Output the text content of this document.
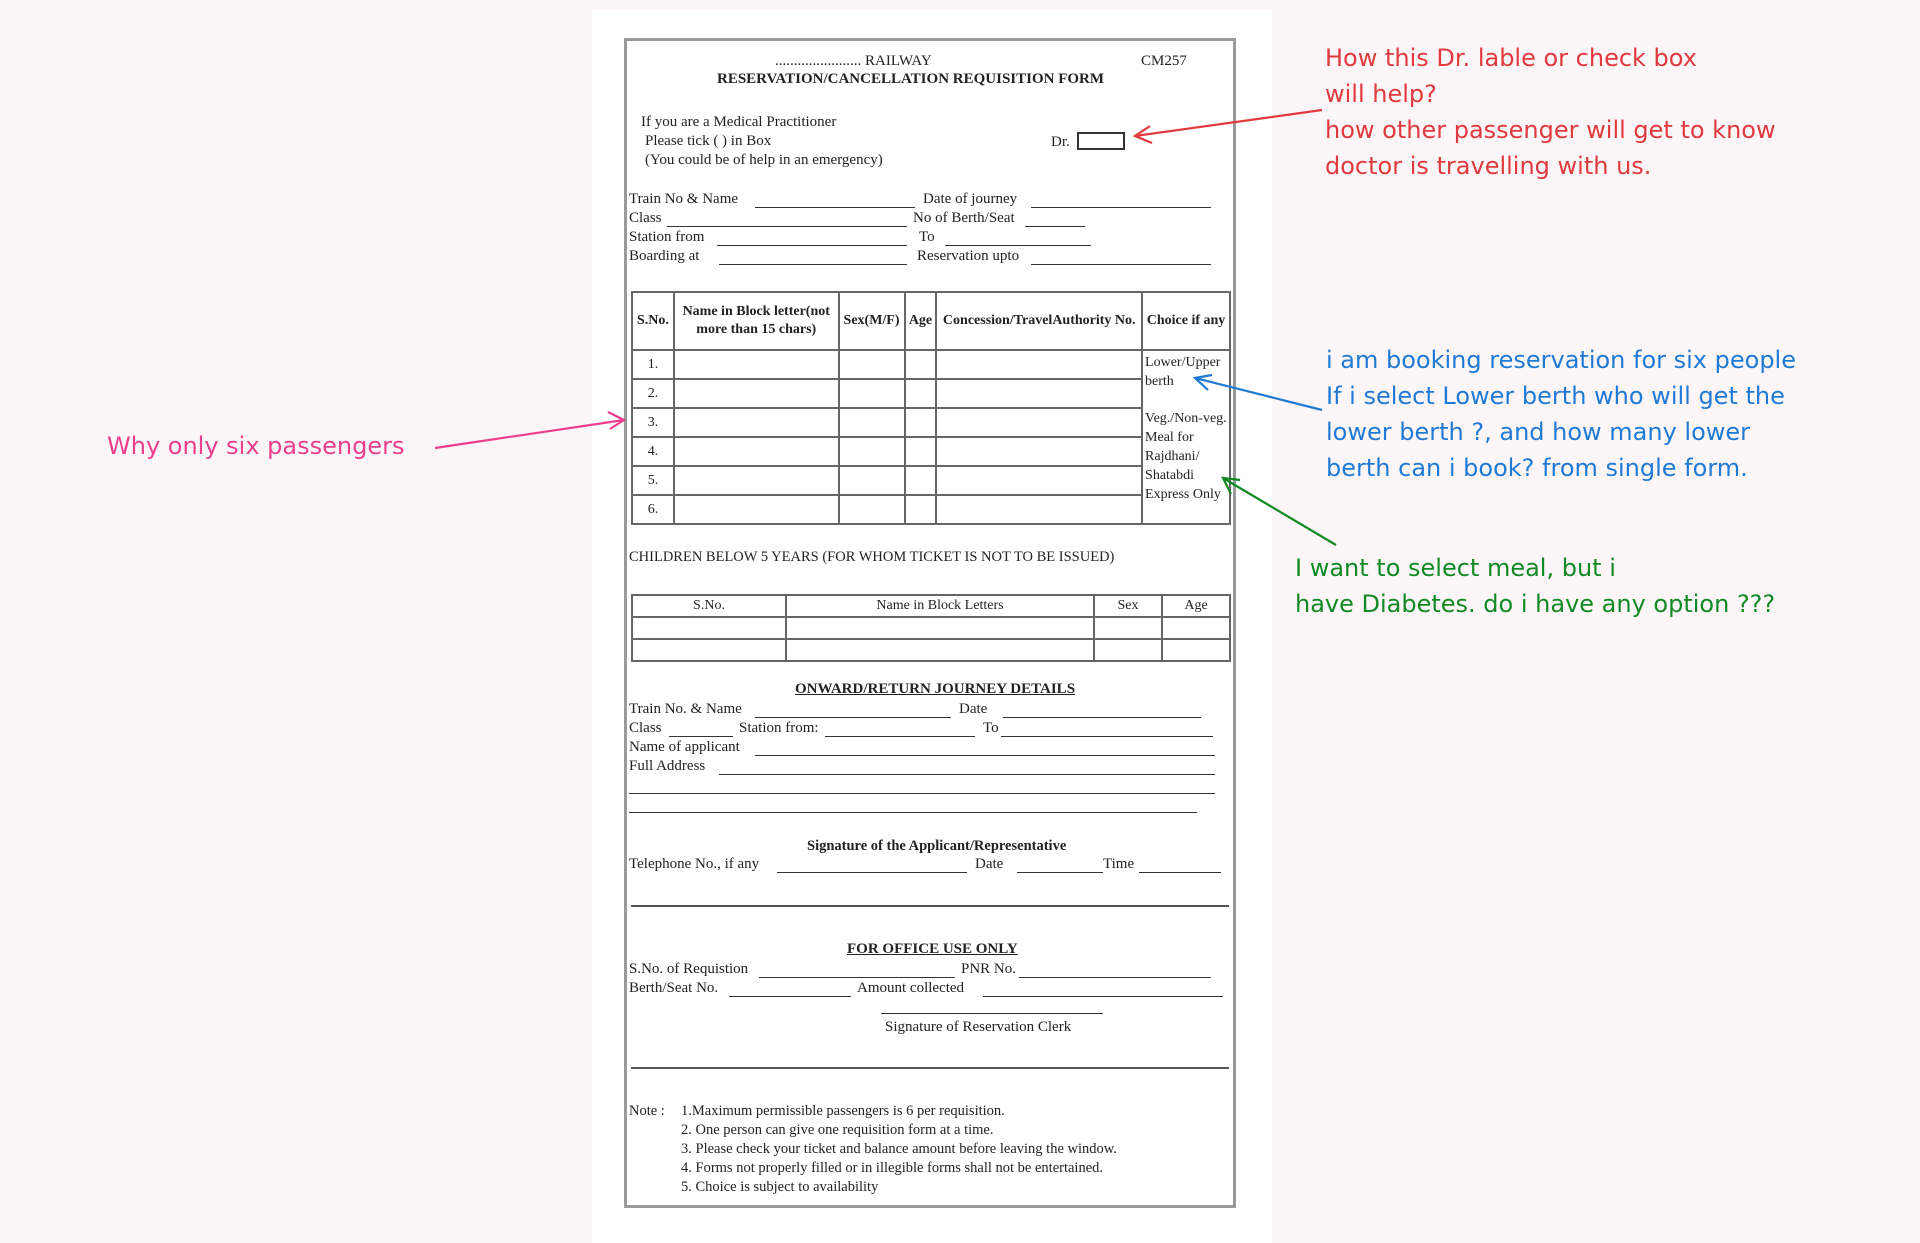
....................... RAILWAY	CM257
RESERVATION/CANCELLATION REQUISITION FORM
If you are a Medical Practitioner
Please tick ( ) in Box
(You could be of help in an emergency)
Dr.
Train No & Name	Date of journey
Class	No of Berth/Seat
Station from	To
Boarding at	Reservation upto
S.No.	Name in Block letter(not more than 15 chars)	Sex(M/F)	Age	Concession/TravelAuthority No.	Choice if any
1.					Lower/Upper berth
Veg./Non-veg. Meal for Rajdhani/ Shatabdi Express Only

2.					
3.					
4.					
5.					
6.					
CHILDREN BELOW 5 YEARS (FOR WHOM TICKET IS NOT TO BE ISSUED)
S.No.	Name in Block Letters	Sex	Age

ONWARD/RETURN JOURNEY DETAILS
Train No. & Name	Date
Class	Station from:	To
Name of applicant
Full Address
Signature of the Applicant/Representative
Telephone No., if any	Date	Time
FOR OFFICE USE ONLY
S.No. of Requistion	PNR No.
Berth/Seat No.	Amount collected
Signature of Reservation Clerk
Note : 1.Maximum permissible passengers is 6 per requisition.
2. One person can give one requisition form at a time.
3. Please check your ticket and balance amount before leaving the window.
4. Forms not properly filled or in illegible forms shall not be entertained.
5. Choice is subject to availability
How this Dr. lable or check box
will help?
how other passenger will get to know
doctor is travelling with us.
Why only six passengers
i am booking reservation for six people
If i select Lower berth who will get the
lower berth ?, and how many lower
berth can i book? from single form.
I want to select meal, but i
have Diabetes. do i have any option ???
